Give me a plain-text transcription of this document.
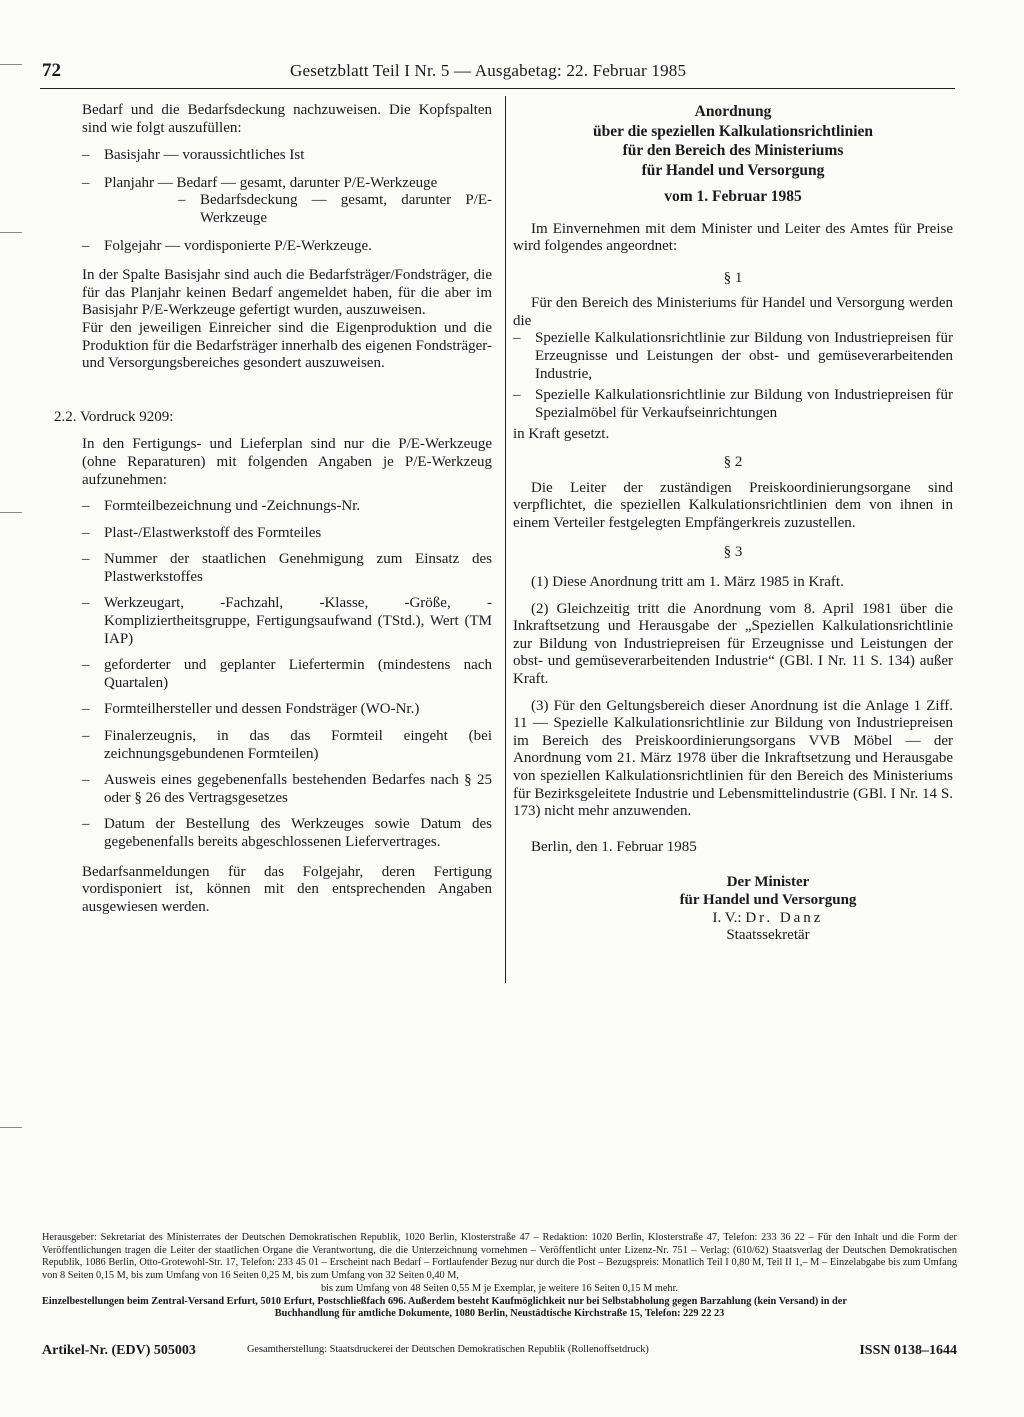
72	Gesetzblatt Teil I Nr. 5 — Ausgabetag: 22. Februar 1985

Bedarf und die Bedarfsdeckung nachzuweisen. Die Kopfspalten sind wie folgt auszufüllen:

– Basisjahr — voraussichtliches Ist

– Planjahr — Bedarf — gesamt, darunter P/E-Werkzeuge

– Bedarfsdeckung — gesamt, darunter P/E-Werkzeuge

– Folgejahr — vordisponierte P/E-Werkzeuge.

In der Spalte Basisjahr sind auch die Bedarfsträger/Fondsträger, die für das Planjahr keinen Bedarf angemeldet haben, für die aber im Basisjahr P/E-Werkzeuge gefertigt wurden, auszuweisen.

Für den jeweiligen Einreicher sind die Eigenproduktion und die Produktion für die Bedarfsträger innerhalb des eigenen Fondsträger- und Versorgungsbereiches gesondert auszuweisen.

2.2. Vordruck 9209:

In den Fertigungs- und Lieferplan sind nur die P/E-Werkzeuge (ohne Reparaturen) mit folgenden Angaben je P/E-Werkzeug aufzunehmen:

– Formteilbezeichnung und -Zeichnungs-Nr.

– Plast-/Elastwerkstoff des Formteiles

– Nummer der staatlichen Genehmigung zum Einsatz des Plastwerkstoffes

– Werkzeugart, -Fachzahl, -Klasse, -Größe, -Kompliziertheitsgruppe, Fertigungsaufwand (TStd.), Wert (TM IAP)

– geforderter und geplanter Liefertermin (mindestens nach Quartalen)

– Formteilhersteller und dessen Fondsträger (WO-Nr.)

– Finalerzeugnis, in das das Formteil eingeht (bei zeichnungsgebundenen Formteilen)

– Ausweis eines gegebenenfalls bestehenden Bedarfes nach § 25 oder § 26 des Vertragsgesetzes

– Datum der Bestellung des Werkzeuges sowie Datum des gegebenenfalls bereits abgeschlossenen Liefervertrages.

Bedarfsanmeldungen für das Folgejahr, deren Fertigung vordisponiert ist, können mit den entsprechenden Angaben ausgewiesen werden.

Anordnung
über die speziellen Kalkulationsrichtlinien
für den Bereich des Ministeriums
für Handel und Versorgung
vom 1. Februar 1985

Im Einvernehmen mit dem Minister und Leiter des Amtes für Preise wird folgendes angeordnet:

§ 1

Für den Bereich des Ministeriums für Handel und Versorgung werden die

– Spezielle Kalkulationsrichtlinie zur Bildung von Industriepreisen für Erzeugnisse und Leistungen der obst- und gemüseverarbeitenden Industrie,

– Spezielle Kalkulationsrichtlinie zur Bildung von Industriepreisen für Spezialmöbel für Verkaufseinrichtungen

in Kraft gesetzt.

§ 2

Die Leiter der zuständigen Preiskoordinierungsorgane sind verpflichtet, die speziellen Kalkulationsrichtlinien dem von ihnen in einem Verteiler festgelegten Empfängerkreis zuzustellen.

§ 3

(1) Diese Anordnung tritt am 1. März 1985 in Kraft.

(2) Gleichzeitig tritt die Anordnung vom 8. April 1981 über die Inkraftsetzung und Herausgabe der „Speziellen Kalkulationsrichtlinie zur Bildung von Industriepreisen für Erzeugnisse und Leistungen der obst- und gemüseverarbeitenden Industrie“ (GBl. I Nr. 11 S. 134) außer Kraft.

(3) Für den Geltungsbereich dieser Anordnung ist die Anlage 1 Ziff. 11 — Spezielle Kalkulationsrichtlinie zur Bildung von Industriepreisen im Bereich des Preiskoordinierungsorgans VVB Möbel — der Anordnung vom 21. März 1978 über die Inkraftsetzung und Herausgabe von speziellen Kalkulationsrichtlinien für den Bereich des Ministeriums für Bezirksgeleitete Industrie und Lebensmittelindustrie (GBl. I Nr. 14 S. 173) nicht mehr anzuwenden.

Berlin, den 1. Februar 1985

Der Minister
für Handel und Versorgung
I. V.: Dr. Danz
Staatssekretär
Herausgeber: Sekretariat des Ministerrates der Deutschen Demokratischen Republik, 1020 Berlin, Klosterstraße 47 – Redaktion: 1020 Berlin, Klosterstraße 47, Telefon: 233 36 22 – Für den Inhalt und die Form der Veröffentlichungen tragen die Leiter der staatlichen Organe die Verantwortung, die die Unterzeichnung vornehmen – Veröffentlicht unter Lizenz-Nr. 751 – Verlag: (610/62) Staatsverlag der Deutschen Demokratischen Republik, 1086 Berlin, Otto-Grotewohl-Str. 17, Telefon: 233 45 01 – Erscheint nach Bedarf – Fortlaufender Bezug nur durch die Post – Bezugspreis: Monatlich Teil I 0,80 M, Teil II 1,– M – Einzelabgabe bis zum Umfang von 8 Seiten 0,15 M, bis zum Umfang von 16 Seiten 0,25 M, bis zum Umfang von 32 Seiten 0,40 M,
bis zum Umfang von 48 Seiten 0,55 M je Exemplar, je weitere 16 Seiten 0,15 M mehr.
Einzelbestellungen beim Zentral-Versand Erfurt, 5010 Erfurt, Postschließfach 696. Außerdem besteht Kaufmöglichkeit nur bei Selbstabholung gegen Barzahlung (kein Versand) in der
Buchhandlung für amtliche Dokumente, 1080 Berlin, Neustädtische Kirchstraße 15, Telefon: 229 22 23
Artikel-Nr. (EDV) 505003	Gesamtherstellung: Staatsdruckerei der Deutschen Demokratischen Republik (Rollenoffsetdruck)	ISSN 0138–1644
